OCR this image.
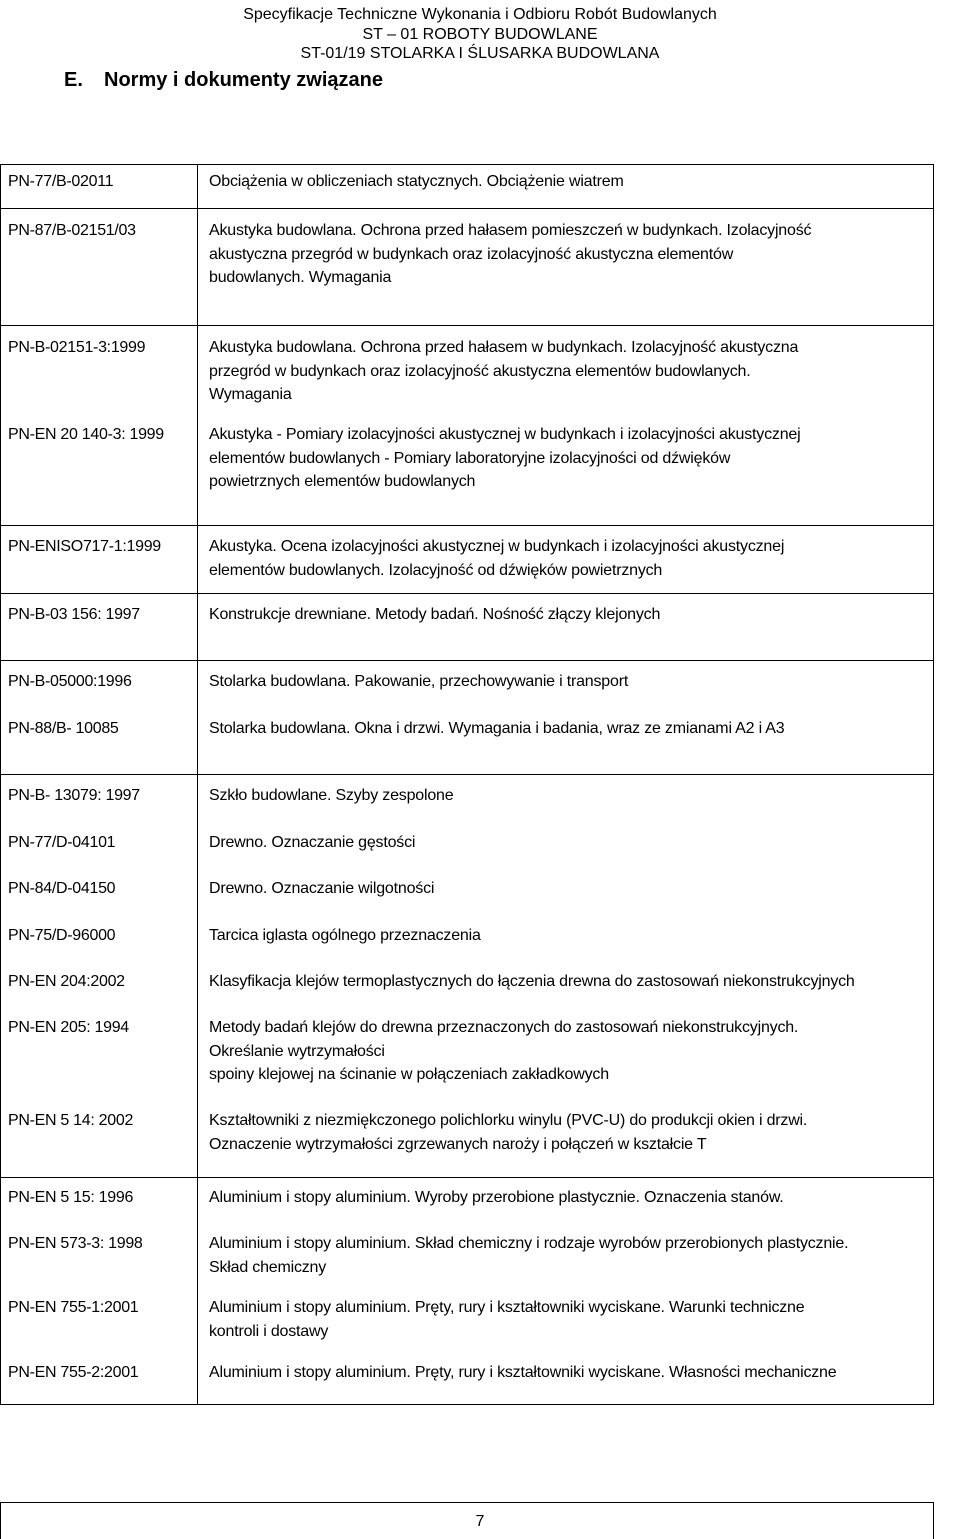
Specyfikacje Techniczne Wykonania i Odbioru Robót Budowlanych
ST – 01 ROBOTY BUDOWLANE
ST-01/19 STOLARKA I ŚLUSARKA BUDOWLANA
E. Normy i dokumenty związane
PN-77/B-02011	Obciążenia w obliczeniach statycznych. Obciążenie wiatrem
PN-87/B-02151/03	Akustyka budowlana. Ochrona przed hałasem pomieszczeń w budynkach. Izolacyjność
akustyczna przegród w budynkach oraz izolacyjność akustyczna elementów
budowlanych. Wymagania
PN-B-02151-3:1999	Akustyka budowlana. Ochrona przed hałasem w budynkach. Izolacyjność akustyczna
przegród w budynkach oraz izolacyjność akustyczna elementów budowlanych.
Wymagania
PN-EN 20 140-3: 1999	Akustyka - Pomiary izolacyjności akustycznej w budynkach i izolacyjności akustycznej
elementów budowlanych - Pomiary laboratoryjne izolacyjności od dźwięków
powietrznych elementów budowlanych
PN-ENISO717-1:1999	Akustyka. Ocena izolacyjności akustycznej w budynkach i izolacyjności akustycznej
elementów budowlanych. Izolacyjność od dźwięków powietrznych
PN-B-03 156: 1997	Konstrukcje drewniane. Metody badań. Nośność złączy klejonych
PN-B-05000:1996	Stolarka budowlana. Pakowanie, przechowywanie i transport
PN-88/B- 10085	Stolarka budowlana. Okna i drzwi. Wymagania i badania, wraz ze zmianami A2 i A3
PN-B- 13079: 1997	Szkło budowlane. Szyby zespolone
PN-77/D-04101	Drewno. Oznaczanie gęstości
PN-84/D-04150	Drewno. Oznaczanie wilgotności
PN-75/D-96000	Tarcica iglasta ogólnego przeznaczenia
PN-EN 204:2002	Klasyfikacja klejów termoplastycznych do łączenia drewna do zastosowań niekonstrukcyjnych
PN-EN 205: 1994	Metody badań klejów do drewna przeznaczonych do zastosowań niekonstrukcyjnych.
Określanie wytrzymałości
spoiny klejowej na ścinanie w połączeniach zakładkowych
PN-EN 5 14: 2002	Kształtowniki z niezmiękczonego polichlorku winylu (PVC-U) do produkcji okien i drzwi.
Oznaczenie wytrzymałości zgrzewanych naroży i połączeń w kształcie T
PN-EN 5 15: 1996	Aluminium i stopy aluminium. Wyroby przerobione plastycznie. Oznaczenia stanów.
PN-EN 573-3: 1998	Aluminium i stopy aluminium. Skład chemiczny i rodzaje wyrobów przerobionych plastycznie.
Skład chemiczny
PN-EN 755-1:2001	Aluminium i stopy aluminium. Pręty, rury i kształtowniki wyciskane. Warunki techniczne
kontroli i dostawy
PN-EN 755-2:2001	Aluminium i stopy aluminium. Pręty, rury i kształtowniki wyciskane. Własności mechaniczne
7
